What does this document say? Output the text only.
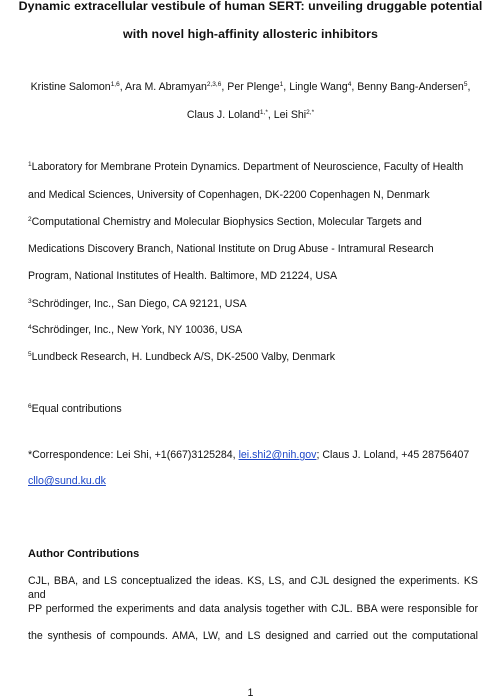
Dynamic extracellular vestibule of human SERT: unveiling druggable potential
with novel high-affinity allosteric inhibitors
Kristine Salomon$^{1,6}$, Ara M. Abramyan$^{2,3,6}$, Per Plenge$^1$, Lingle Wang$^4$, Benny Bang-Andersen$^5$,
Claus J. Loland$^{1,*}$, Lei Shi$^{2,*}$
$^1$Laboratory for Membrane Protein Dynamics. Department of Neuroscience, Faculty of Health
and Medical Sciences, University of Copenhagen, DK-2200 Copenhagen N, Denmark
$^2$Computational Chemistry and Molecular Biophysics Section, Molecular Targets and
Medications Discovery Branch, National Institute on Drug Abuse - Intramural Research
Program, National Institutes of Health. Baltimore, MD 21224, USA
$^3$Schrödinger, Inc., San Diego, CA 92121, USA
$^4$Schrödinger, Inc., New York, NY 10036, USA
$^5$Lundbeck Research, H. Lundbeck A/S, DK-2500 Valby, Denmark
$^6$Equal contributions
*Correspondence: Lei Shi, +1(667)3125284, lei.shi2@nih.gov; Claus J. Loland, +45 28756407
cllo@sund.ku.dk
Author Contributions
CJL, BBA, and LS conceptualized the ideas. KS, LS, and CJL designed the experiments. KS and
PP performed the experiments and data analysis together with CJL. BBA were responsible for
the synthesis of compounds. AMA, LW, and LS designed and carried out the computational
1
